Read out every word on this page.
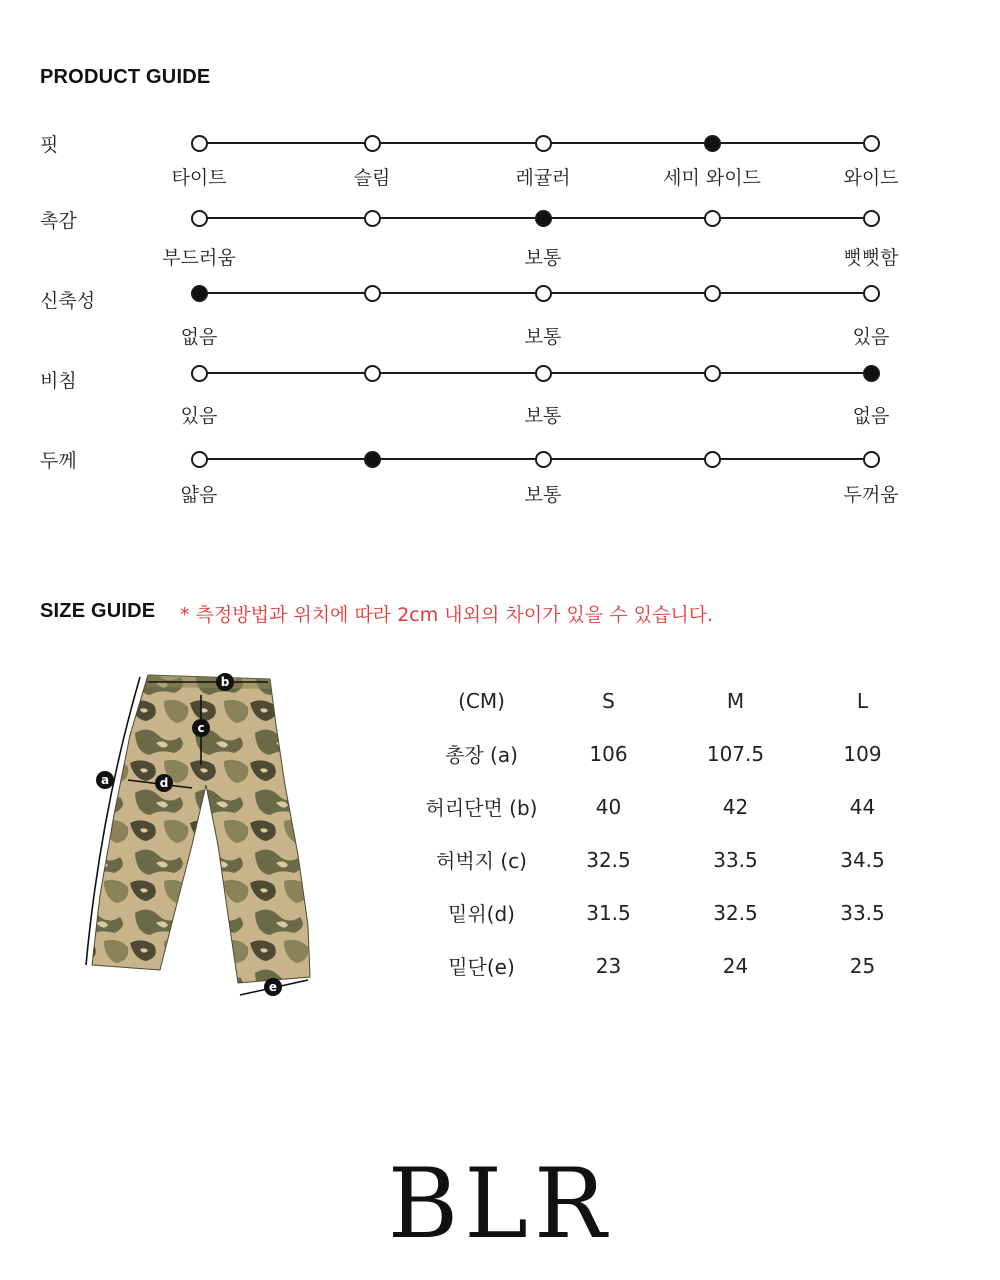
PRODUCT GUIDE
핏
타이트	슬림	레귤러	세미 와이드	와이드
촉감
부드러움	보통	뻣뻣함
신축성
없음	보통	있음
비침
있음	보통	없음
두께
얇음	보통	두꺼움
SIZE GUIDE * 측정방법과 위치에 따라 2cm 내외의 차이가 있을 수 있습니다.
a
b
c
d
e
(CM)	S	M	L
총장 (a)	106	107.5	109
허리단면 (b)	40	42	44
허벅지 (c)	32.5	33.5	34.5
밑위(d)	31.5	32.5	33.5
밑단(e)	23	24	25
BLR
